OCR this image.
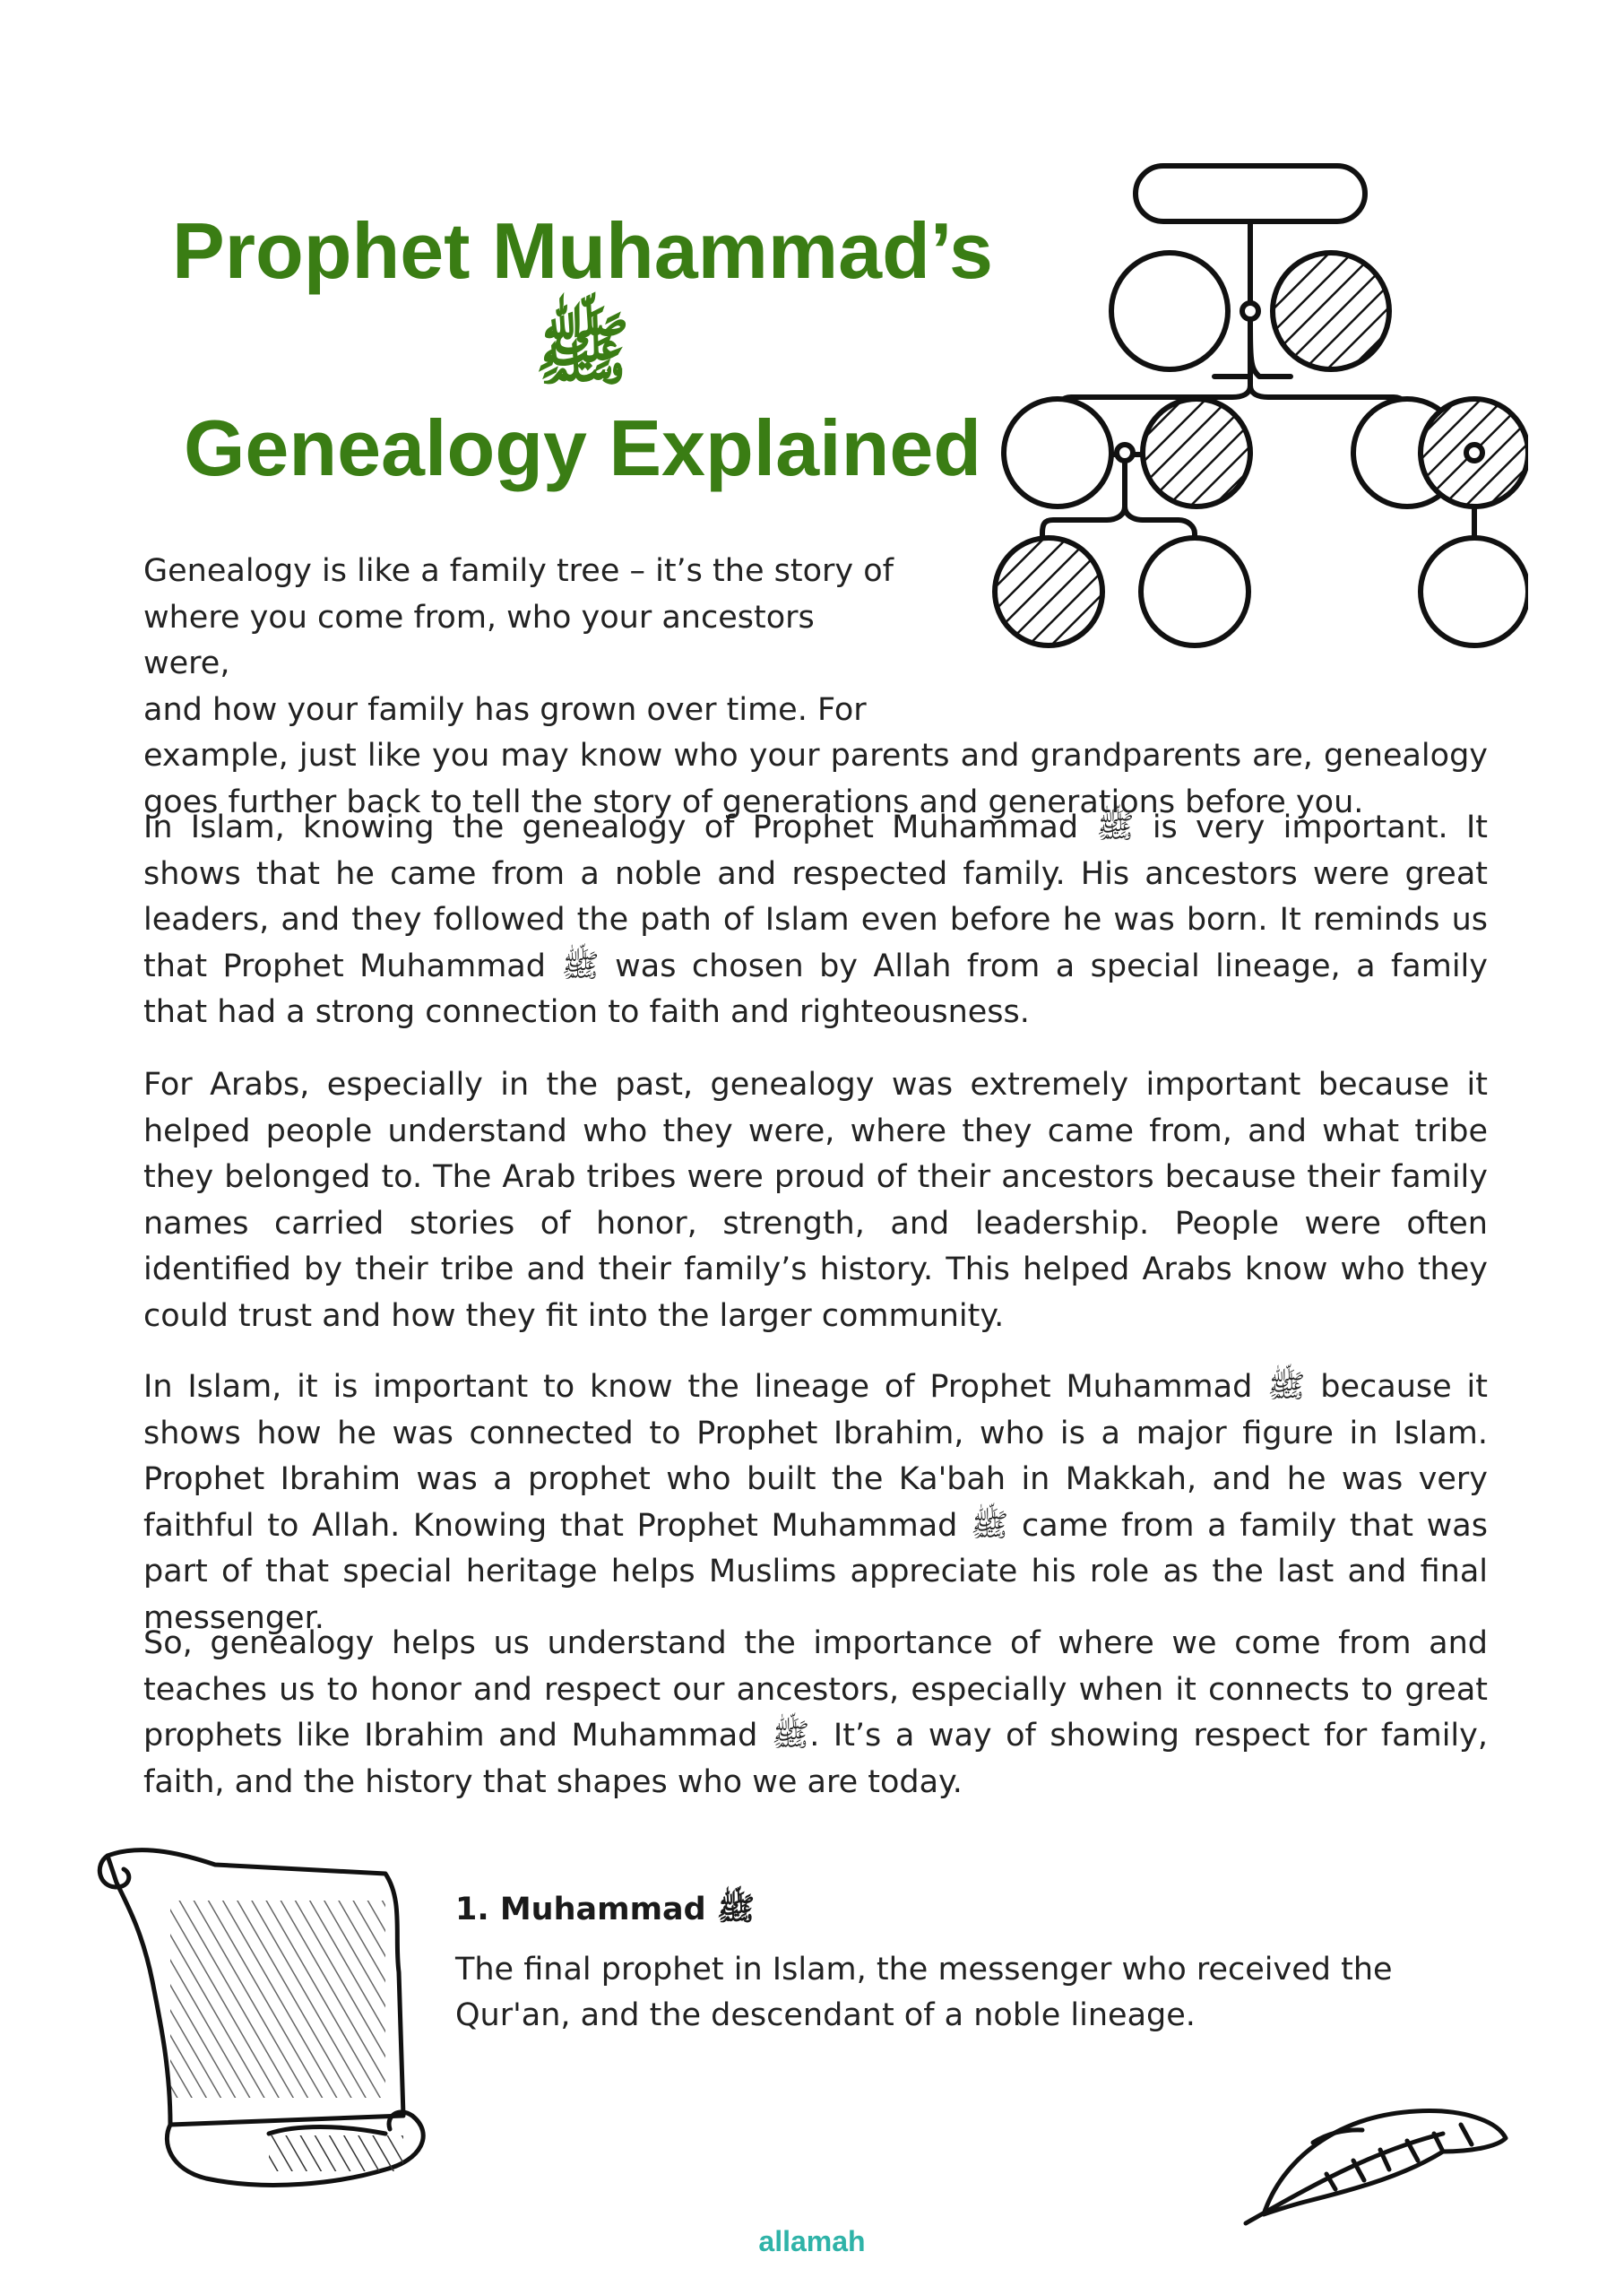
Prophet Muhammad’s ﷺ
Genealogy Explained
Genealogy is like a family tree – it’s the story of
where you come from, who your ancestors were,
and how your family has grown over time. For

example, just like you may know who your parents and grandparents are, genealogy goes further back to tell the story of generations and generations before you.

In Islam, knowing the genealogy of Prophet Muhammad ﷺ is very important. It shows that he came from a noble and respected family. His ancestors were great leaders, and they followed the path of Islam even before he was born. It reminds us that Prophet Muhammad ﷺ was chosen by Allah from a special lineage, a family that had a strong connection to faith and righteousness.

For Arabs, especially in the past, genealogy was extremely important because it helped people understand who they were, where they came from, and what tribe they belonged to. The Arab tribes were proud of their ancestors because their family names carried stories of honor, strength, and leadership. People were often identified by their tribe and their family’s history. This helped Arabs know who they could trust and how they fit into the larger community.

In Islam, it is important to know the lineage of Prophet Muhammad ﷺ because it shows how he was connected to Prophet Ibrahim, who is a major figure in Islam. Prophet Ibrahim was a prophet who built the Ka'bah in Makkah, and he was very faithful to Allah. Knowing that Prophet Muhammad ﷺ came from a family that was part of that special heritage helps Muslims appreciate his role as the last and final messenger.

So, genealogy helps us understand the importance of where we come from and teaches us to honor and respect our ancestors, especially when it connects to great prophets like Ibrahim and Muhammad ﷺ. It’s a way of showing respect for family, faith, and the history that shapes who we are today.

1. Muhammad ﷺ
The final prophet in Islam, the messenger who received the Qur'an, and the descendant of a noble lineage.
allamah
